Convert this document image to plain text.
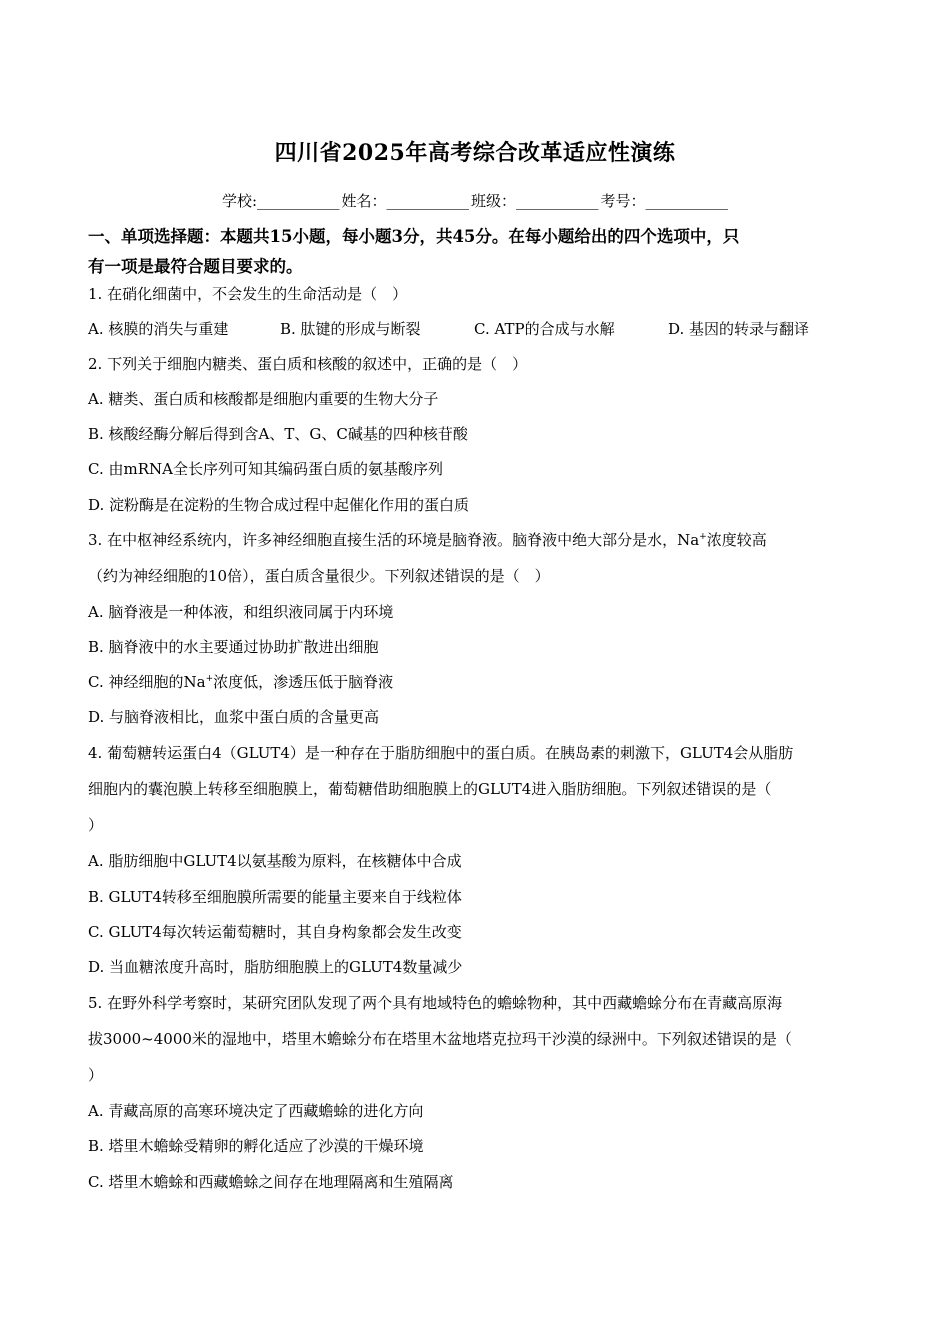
四川省2025年高考综合改革适应性演练
学校:___________ 姓名：___________ 班级：___________ 考号：___________
一、单项选择题：本题共15小题，每小题3分，共45分。在每小题给出的四个选项中，只
有一项是最符合题目要求的。
1. 在硝化细菌中，不会发生的生命活动是（　）
A. 核膜的消失与重建	B. 肽键的形成与断裂	C. ATP的合成与水解	D. 基因的转录与翻译
2. 下列关于细胞内糖类、蛋白质和核酸的叙述中，正确的是（　）
A. 糖类、蛋白质和核酸都是细胞内重要的生物大分子
B. 核酸经酶分解后得到含A、T、G、C碱基的四种核苷酸
C. 由mRNA全长序列可知其编码蛋白质的氨基酸序列
D. 淀粉酶是在淀粉的生物合成过程中起催化作用的蛋白质
3. 在中枢神经系统内，许多神经细胞直接生活的环境是脑脊液。脑脊液中绝大部分是水，Na+浓度较高
（约为神经细胞的10倍），蛋白质含量很少。下列叙述错误的是（　）
A. 脑脊液是一种体液，和组织液同属于内环境
B. 脑脊液中的水主要通过协助扩散进出细胞
C. 神经细胞的Na+浓度低，渗透压低于脑脊液
D. 与脑脊液相比，血浆中蛋白质的含量更高
4. 葡萄糖转运蛋白4（GLUT4）是一种存在于脂肪细胞中的蛋白质。在胰岛素的刺激下，GLUT4会从脂肪
细胞内的囊泡膜上转移至细胞膜上，葡萄糖借助细胞膜上的GLUT4进入脂肪细胞。下列叙述错误的是（
）
A. 脂肪细胞中GLUT4以氨基酸为原料，在核糖体中合成
B. GLUT4转移至细胞膜所需要的能量主要来自于线粒体
C. GLUT4每次转运葡萄糖时，其自身构象都会发生改变
D. 当血糖浓度升高时，脂肪细胞膜上的GLUT4数量减少
5. 在野外科学考察时，某研究团队发现了两个具有地域特色的蟾蜍物种，其中西藏蟾蜍分布在青藏高原海
拔3000~4000米的湿地中，塔里木蟾蜍分布在塔里木盆地塔克拉玛干沙漠的绿洲中。下列叙述错误的是（
）
A. 青藏高原的高寒环境决定了西藏蟾蜍的进化方向
B. 塔里木蟾蜍受精卵的孵化适应了沙漠的干燥环境
C. 塔里木蟾蜍和西藏蟾蜍之间存在地理隔离和生殖隔离
